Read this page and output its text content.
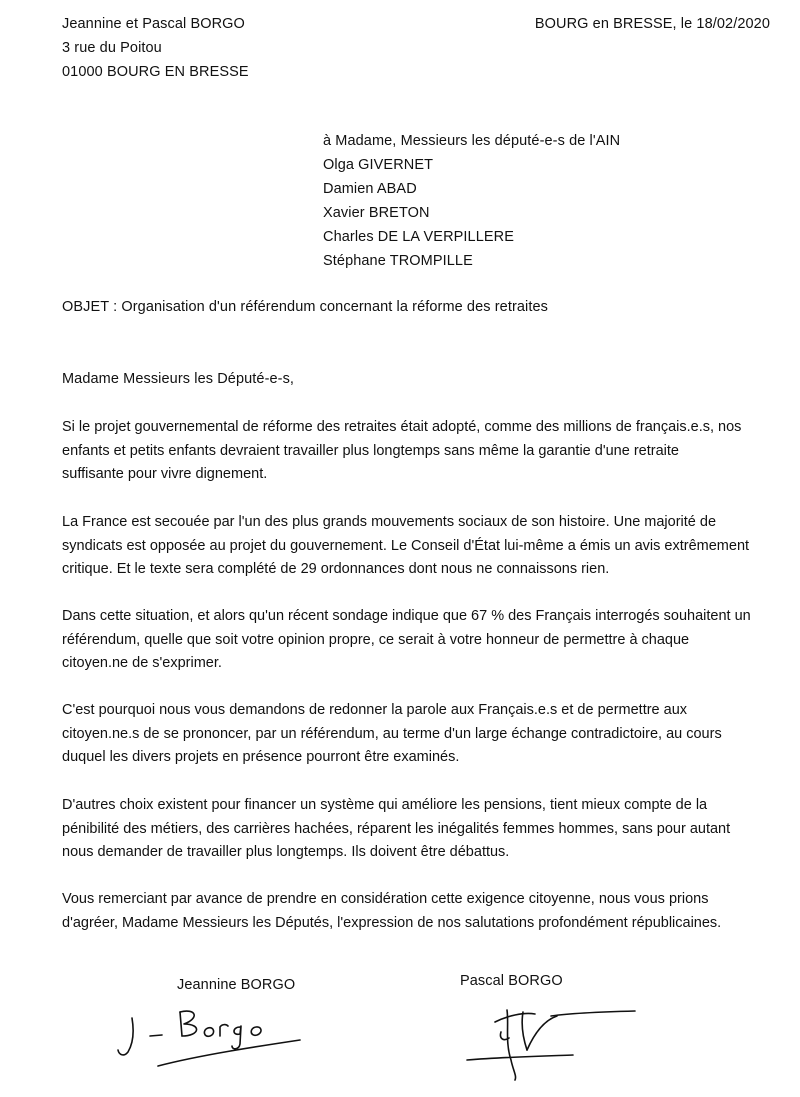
Jeannine et Pascal BORGO
3 rue du Poitou
01000 BOURG EN BRESSE
BOURG en BRESSE, le 18/02/2020
à Madame, Messieurs les député-e-s de l'AIN
Olga GIVERNET
Damien ABAD
Xavier BRETON
Charles DE LA VERPILLERE
Stéphane TROMPILLE
OBJET : Organisation d'un référendum concernant la réforme des retraites
Madame Messieurs les Député-e-s,
Si le projet gouvernemental de réforme des retraites était adopté, comme des millions de français.e.s, nos
enfants et petits enfants devraient travailler plus longtemps sans même la garantie d'une retraite
suffisante pour vivre dignement.
La France est secouée par l'un des plus grands mouvements sociaux de son histoire. Une majorité de
syndicats est opposée au projet du gouvernement. Le Conseil d'État lui-même a émis un avis extrêmement
critique. Et le texte sera complété de 29 ordonnances dont nous ne connaissons rien.
Dans cette situation, et alors qu'un récent sondage indique que 67 % des Français interrogés souhaitent un
référendum, quelle que soit votre opinion propre, ce serait à votre honneur de permettre à chaque
citoyen.ne de s'exprimer.
C'est pourquoi nous vous demandons de redonner la parole aux Français.e.s et de permettre aux
citoyen.ne.s de se prononcer, par un référendum, au terme d'un large échange contradictoire, au cours
duquel les divers projets en présence pourront être examinés.
D'autres choix existent pour financer un système qui améliore les pensions, tient mieux compte de la
pénibilité des métiers, des carrières hachées, réparent les inégalités femmes hommes, sans pour autant
nous demander de travailler plus longtemps. Ils doivent être débattus.
Vous remerciant par avance de prendre en considération cette exigence citoyenne, nous vous prions
d'agréer, Madame Messieurs les Députés, l'expression de nos salutations profondément républicaines.
Jeannine BORGO	Pascal BORGO
